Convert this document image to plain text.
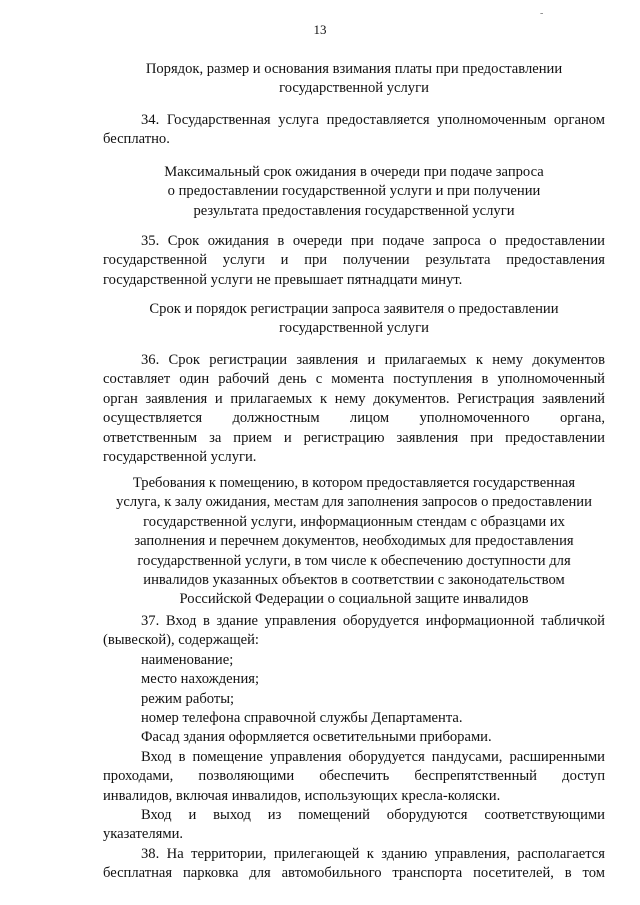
-
13
Порядок, размер и основания взимания платы при предоставлении
государственной услуги
34. Государственная услуга предоставляется уполномоченным органом
бесплатно.
Максимальный срок ожидания в очереди при подаче запроса
о предоставлении государственной услуги и при получении
результата предоставления государственной услуги
35. Срок ожидания в очереди при подаче запроса о предоставлении
государственной услуги и при получении результата предоставления
государственной услуги не превышает пятнадцати минут.
Срок и порядок регистрации запроса заявителя о предоставлении
государственной услуги
36. Срок регистрации заявления и прилагаемых к нему документов
составляет один рабочий день с момента поступления в уполномоченный
орган заявления и прилагаемых к нему документов. Регистрация заявлений
осуществляется должностным лицом уполномоченного органа,
ответственным за прием и регистрацию заявления при предоставлении
государственной услуги.
Требования к помещению, в котором предоставляется государственная
услуга, к залу ожидания, местам для заполнения запросов о предоставлении
государственной услуги, информационным стендам с образцами их
заполнения и перечнем документов, необходимых для предоставления
государственной услуги, в том числе к обеспечению доступности для
инвалидов указанных объектов в соответствии с законодательством
Российской Федерации о социальной защите инвалидов
37. Вход в здание управления оборудуется информационной табличкой
(вывеской), содержащей:
наименование;
место нахождения;
режим работы;
номер телефона справочной службы Департамента.
Фасад здания оформляется осветительными приборами.
Вход в помещение управления оборудуется пандусами, расширенными
проходами, позволяющими обеспечить беспрепятственный доступ
инвалидов, включая инвалидов, использующих кресла-коляски.
Вход и выход из помещений оборудуются соответствующими
указателями.
38. На территории, прилегающей к зданию управления, располагается
бесплатная парковка для автомобильного транспорта посетителей, в том
